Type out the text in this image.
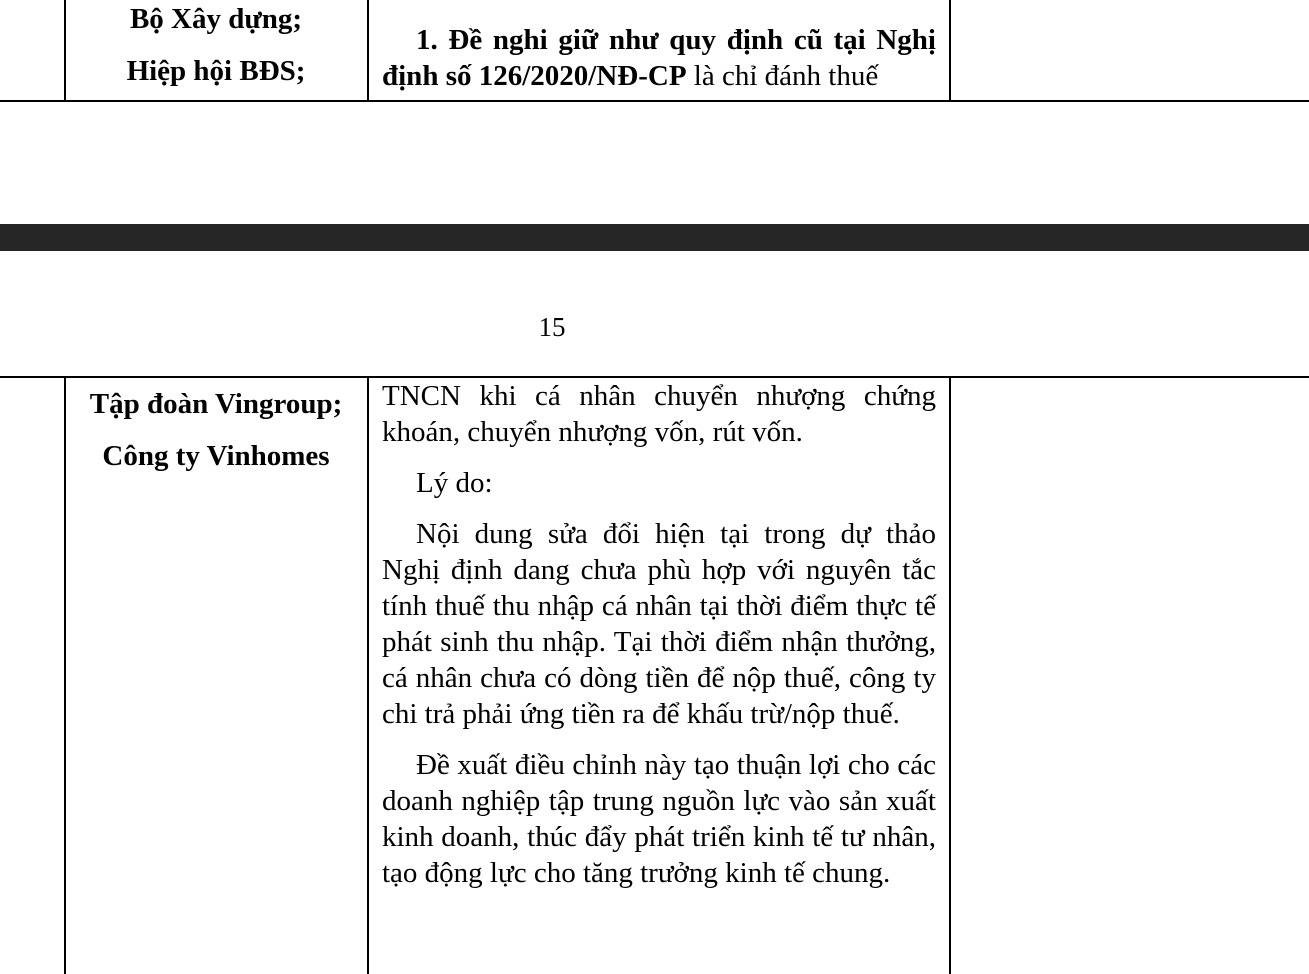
Bộ Xây dựng;
Hiệp hội BĐS;

1. Đề nghi giữ như quy định cũ tại Nghị định số 126/2020/NĐ-CP là chỉ đánh thuế

15
Tập đoàn Vingroup;
Công ty Vinhomes

TNCN khi cá nhân chuyển nhượng chứng khoán, chuyển nhượng vốn, rút vốn.

Lý do:

Nội dung sửa đổi hiện tại trong dự thảo Nghị định dang chưa phù hợp với nguyên tắc tính thuế thu nhập cá nhân tại thời điểm thực tế phát sinh thu nhập. Tại thời điểm nhận thưởng, cá nhân chưa có dòng tiền để nộp thuế, công ty chi trả phải ứng tiền ra để khấu trừ/nộp thuế.

Đề xuất điều chỉnh này tạo thuận lợi cho các doanh nghiệp tập trung nguồn lực vào sản xuất kinh doanh, thúc đẩy phát triển kinh tế tư nhân, tạo động lực cho tăng trưởng kinh tế chung.
